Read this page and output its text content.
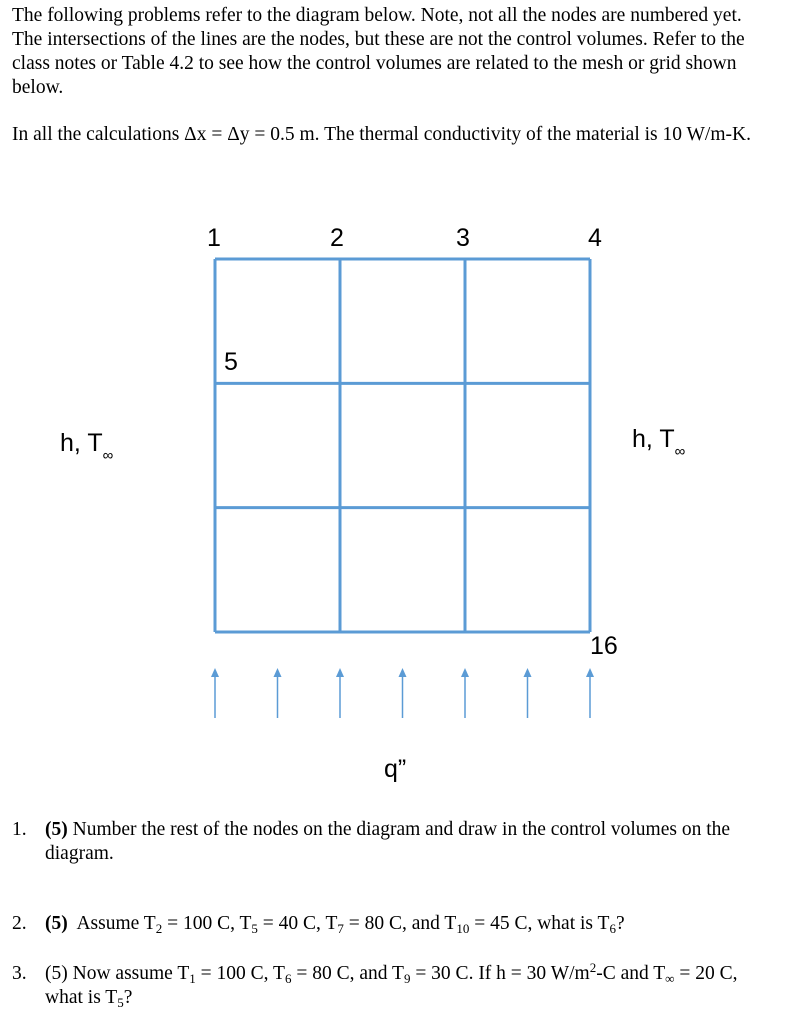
The following problems refer to the diagram below. Note, not all the nodes are numbered yet. The intersections of the lines are the nodes, but these are not the control volumes. Refer to the class notes or Table 4.2 to see how the control volumes are related to the mesh or grid shown below.

In all the calculations Δx = Δy = 0.5 m. The thermal conductivity of the material is 10 W/m-K.

1	2	3	4
5
16
h, $T_\infty$
h, $T_\infty$
q”
1. (5) Number the rest of the nodes on the diagram and draw in the control volumes on the diagram.
2. (5) Assume $T_2 = 100$ C, $T_5 = 40$ C, $T_7 = 80$ C, and $T_{10} = 45$ C, what is $T_6$?
3. (5) Now assume $T_1 = 100$ C, $T_6 = 80$ C, and $T_9 = 30$ C. If h = 30 $W/m^2-C$ and $T_\infty = 20$ C, what is $T_5$?
